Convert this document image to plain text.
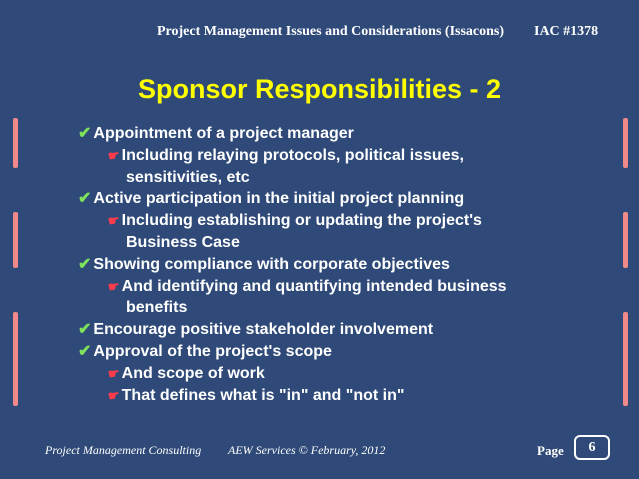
Project Management Issues and Considerations (Issacons) IAC #1378
Sponsor Responsibilities - 2
✔ Appointment of a project manager
☛Including relaying protocols, political issues,
sensitivities, etc
✔ Active participation in the initial project planning
☛Including establishing or updating the project's
Business Case
✔ Showing compliance with corporate objectives
☛And identifying and quantifying intended business
benefits
✔ Encourage positive stakeholder involvement
✔ Approval of the project's scope
☛And scope of work
☛That defines what is "in" and "not in"
Project Management Consulting AEW Services © February, 2012	Page	6
